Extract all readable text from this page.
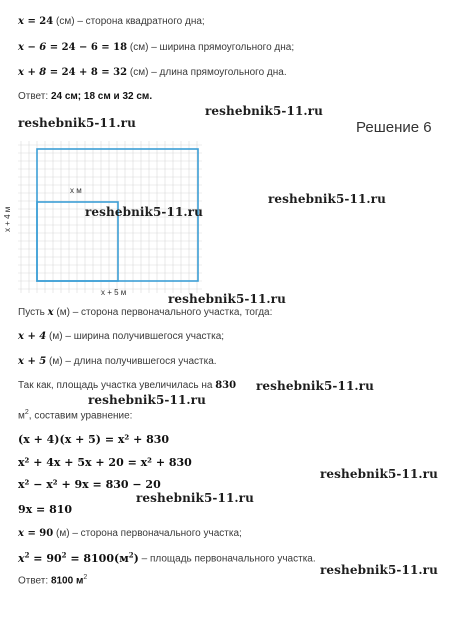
x = 24 (см) – сторона квадратного дна;
x − 6 = 24 − 6 = 18 (см) – ширина прямоугольного дна;
x + 8 = 24 + 8 = 32 (см) – длина прямоугольного дна.
Ответ: 24 см; 18 см и 32 см.
reshebnik5-11.ru
reshebnik5-11.ru	Решение 6
x м
x + 4 м
x + 5 м
reshebnik5-11.ru
reshebnik5-11.ru
reshebnik5-11.ru
Пусть x (м) – сторона первоначального участка, тогда:
x + 4 (м) – ширина получившегося участка;
x + 5 (м) – длина получившегося участка.
Так как, площадь участка увеличилась на 830 reshebnik5-11.ru
reshebnik5-11.ru
$м^2$, составим уравнение:
(x + 4)(x + 5) = x² + 830
x² + 4x + 5x + 20 = x² + 830
reshebnik5-11.ru
x² − x² + 9x = 830 − 20
reshebnik5-11.ru
9x = 810
x = 90 (м) – сторона первоначального участка;
$x^2 = 90^2 = 8100(м^2)$ – площадь первоначального участка.
reshebnik5-11.ru
Ответ: 8100 $м^2$
